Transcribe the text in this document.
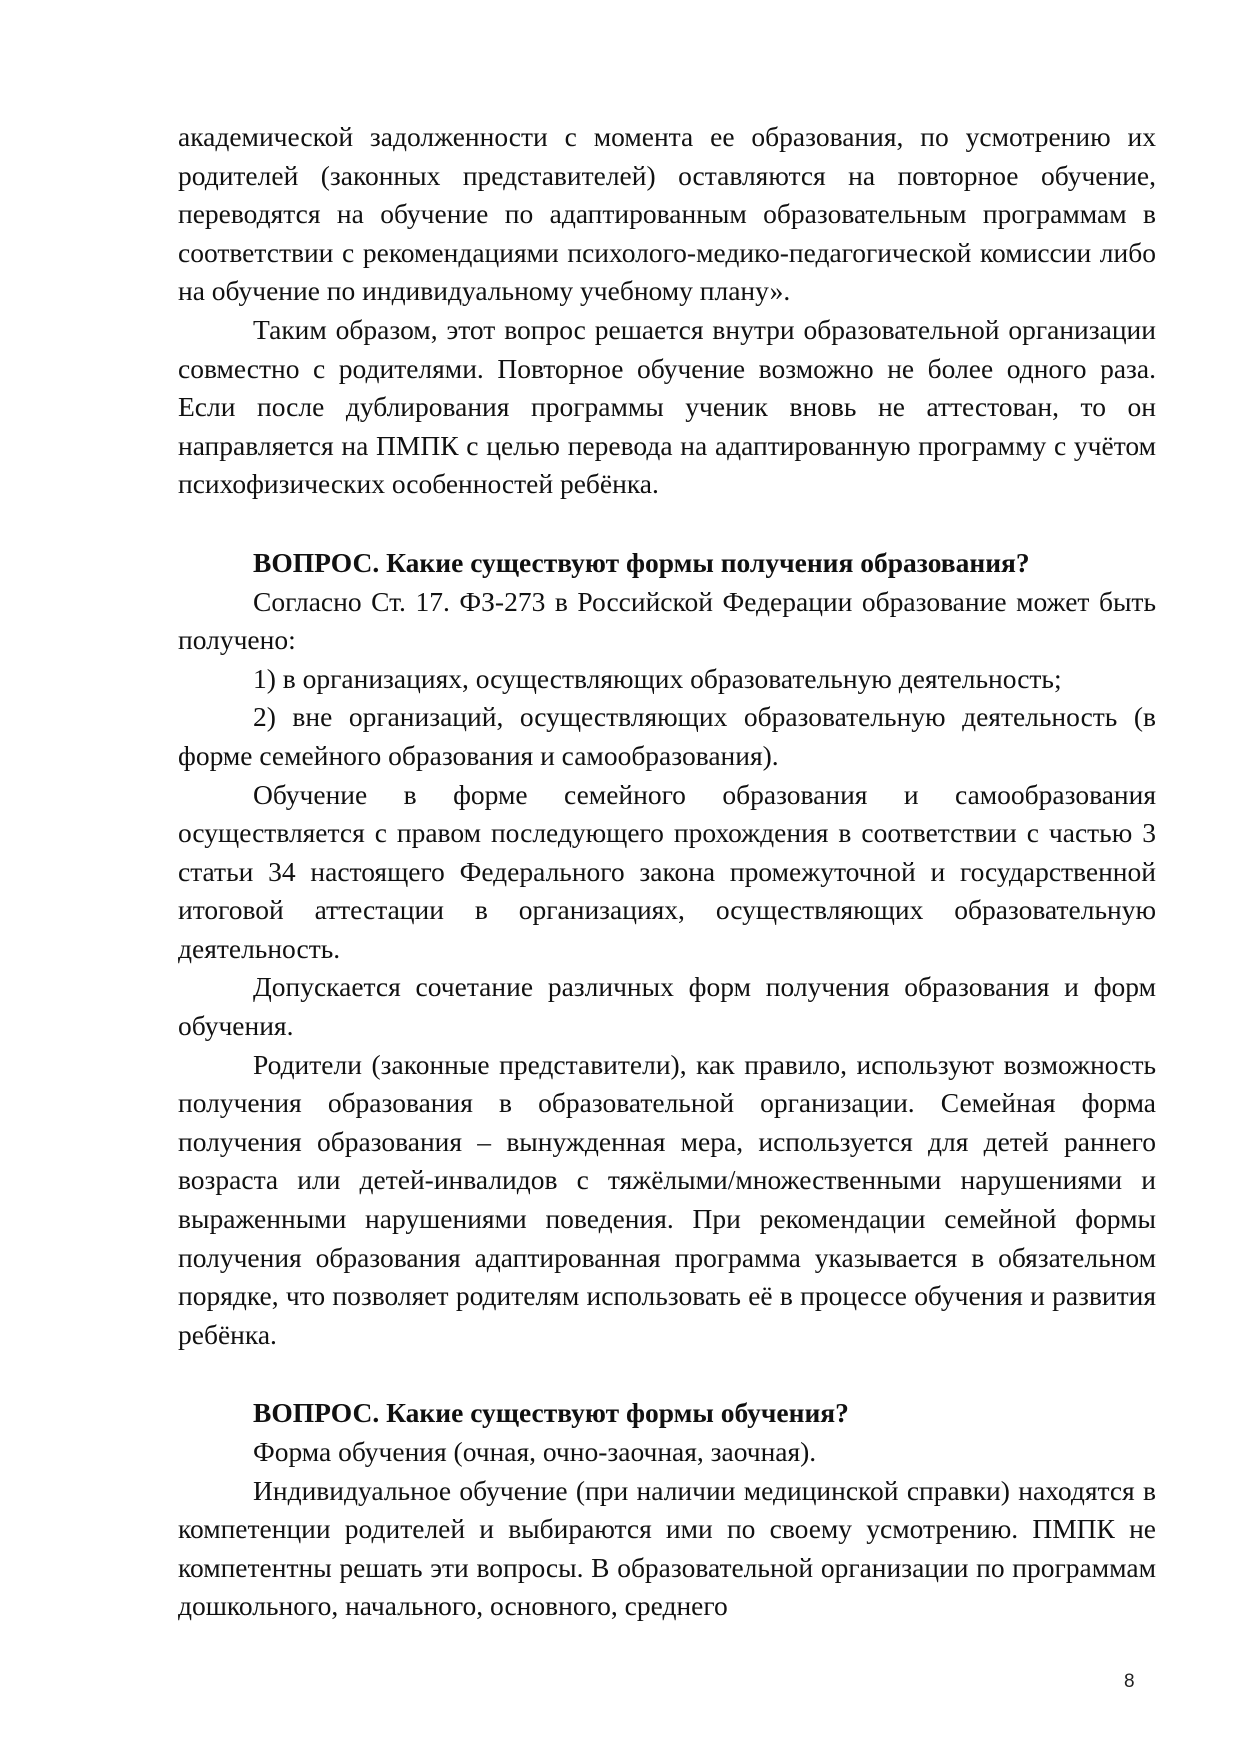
академической задолженности с момента ее образования, по усмотрению их родителей (законных представителей) оставляются на повторное обучение, переводятся на обучение по адаптированным образовательным программам в соответствии с рекомендациями психолого-медико-педагогической комиссии либо на обучение по индивидуальному учебному плану».

Таким образом, этот вопрос решается внутри образовательной организации совместно с родителями. Повторное обучение возможно не более одного раза. Если после дублирования программы ученик вновь не аттестован, то он направляется на ПМПК с целью перевода на адаптированную программу с учётом психофизических особенностей ребёнка.

ВОПРОС. Какие существуют формы получения образования?

Согласно Ст. 17. ФЗ-273 в Российской Федерации образование может быть получено:

1) в организациях, осуществляющих образовательную деятельность;

2) вне организаций, осуществляющих образовательную деятельность (в форме семейного образования и самообразования).

Обучение в форме семейного образования и самообразования осуществляется с правом последующего прохождения в соответствии с частью 3 статьи 34 настоящего Федерального закона промежуточной и государственной итоговой аттестации в организациях, осуществляющих образовательную деятельность.

Допускается сочетание различных форм получения образования и форм обучения.

Родители (законные представители), как правило, используют возможность получения образования в образовательной организации. Семейная форма получения образования – вынужденная мера, используется для детей раннего возраста или детей-инвалидов с тяжёлыми/множественными нарушениями и выраженными нарушениями поведения. При рекомендации семейной формы получения образования адаптированная программа указывается в обязательном порядке, что позволяет родителям использовать её в процессе обучения и развития ребёнка.

ВОПРОС. Какие существуют формы обучения?

Форма обучения (очная, очно-заочная, заочная).

Индивидуальное обучение (при наличии медицинской справки) находятся в компетенции родителей и выбираются ими по своему усмотрению. ПМПК не компетентны решать эти вопросы. В образовательной организации по программам дошкольного, начального, основного, среднего

8
